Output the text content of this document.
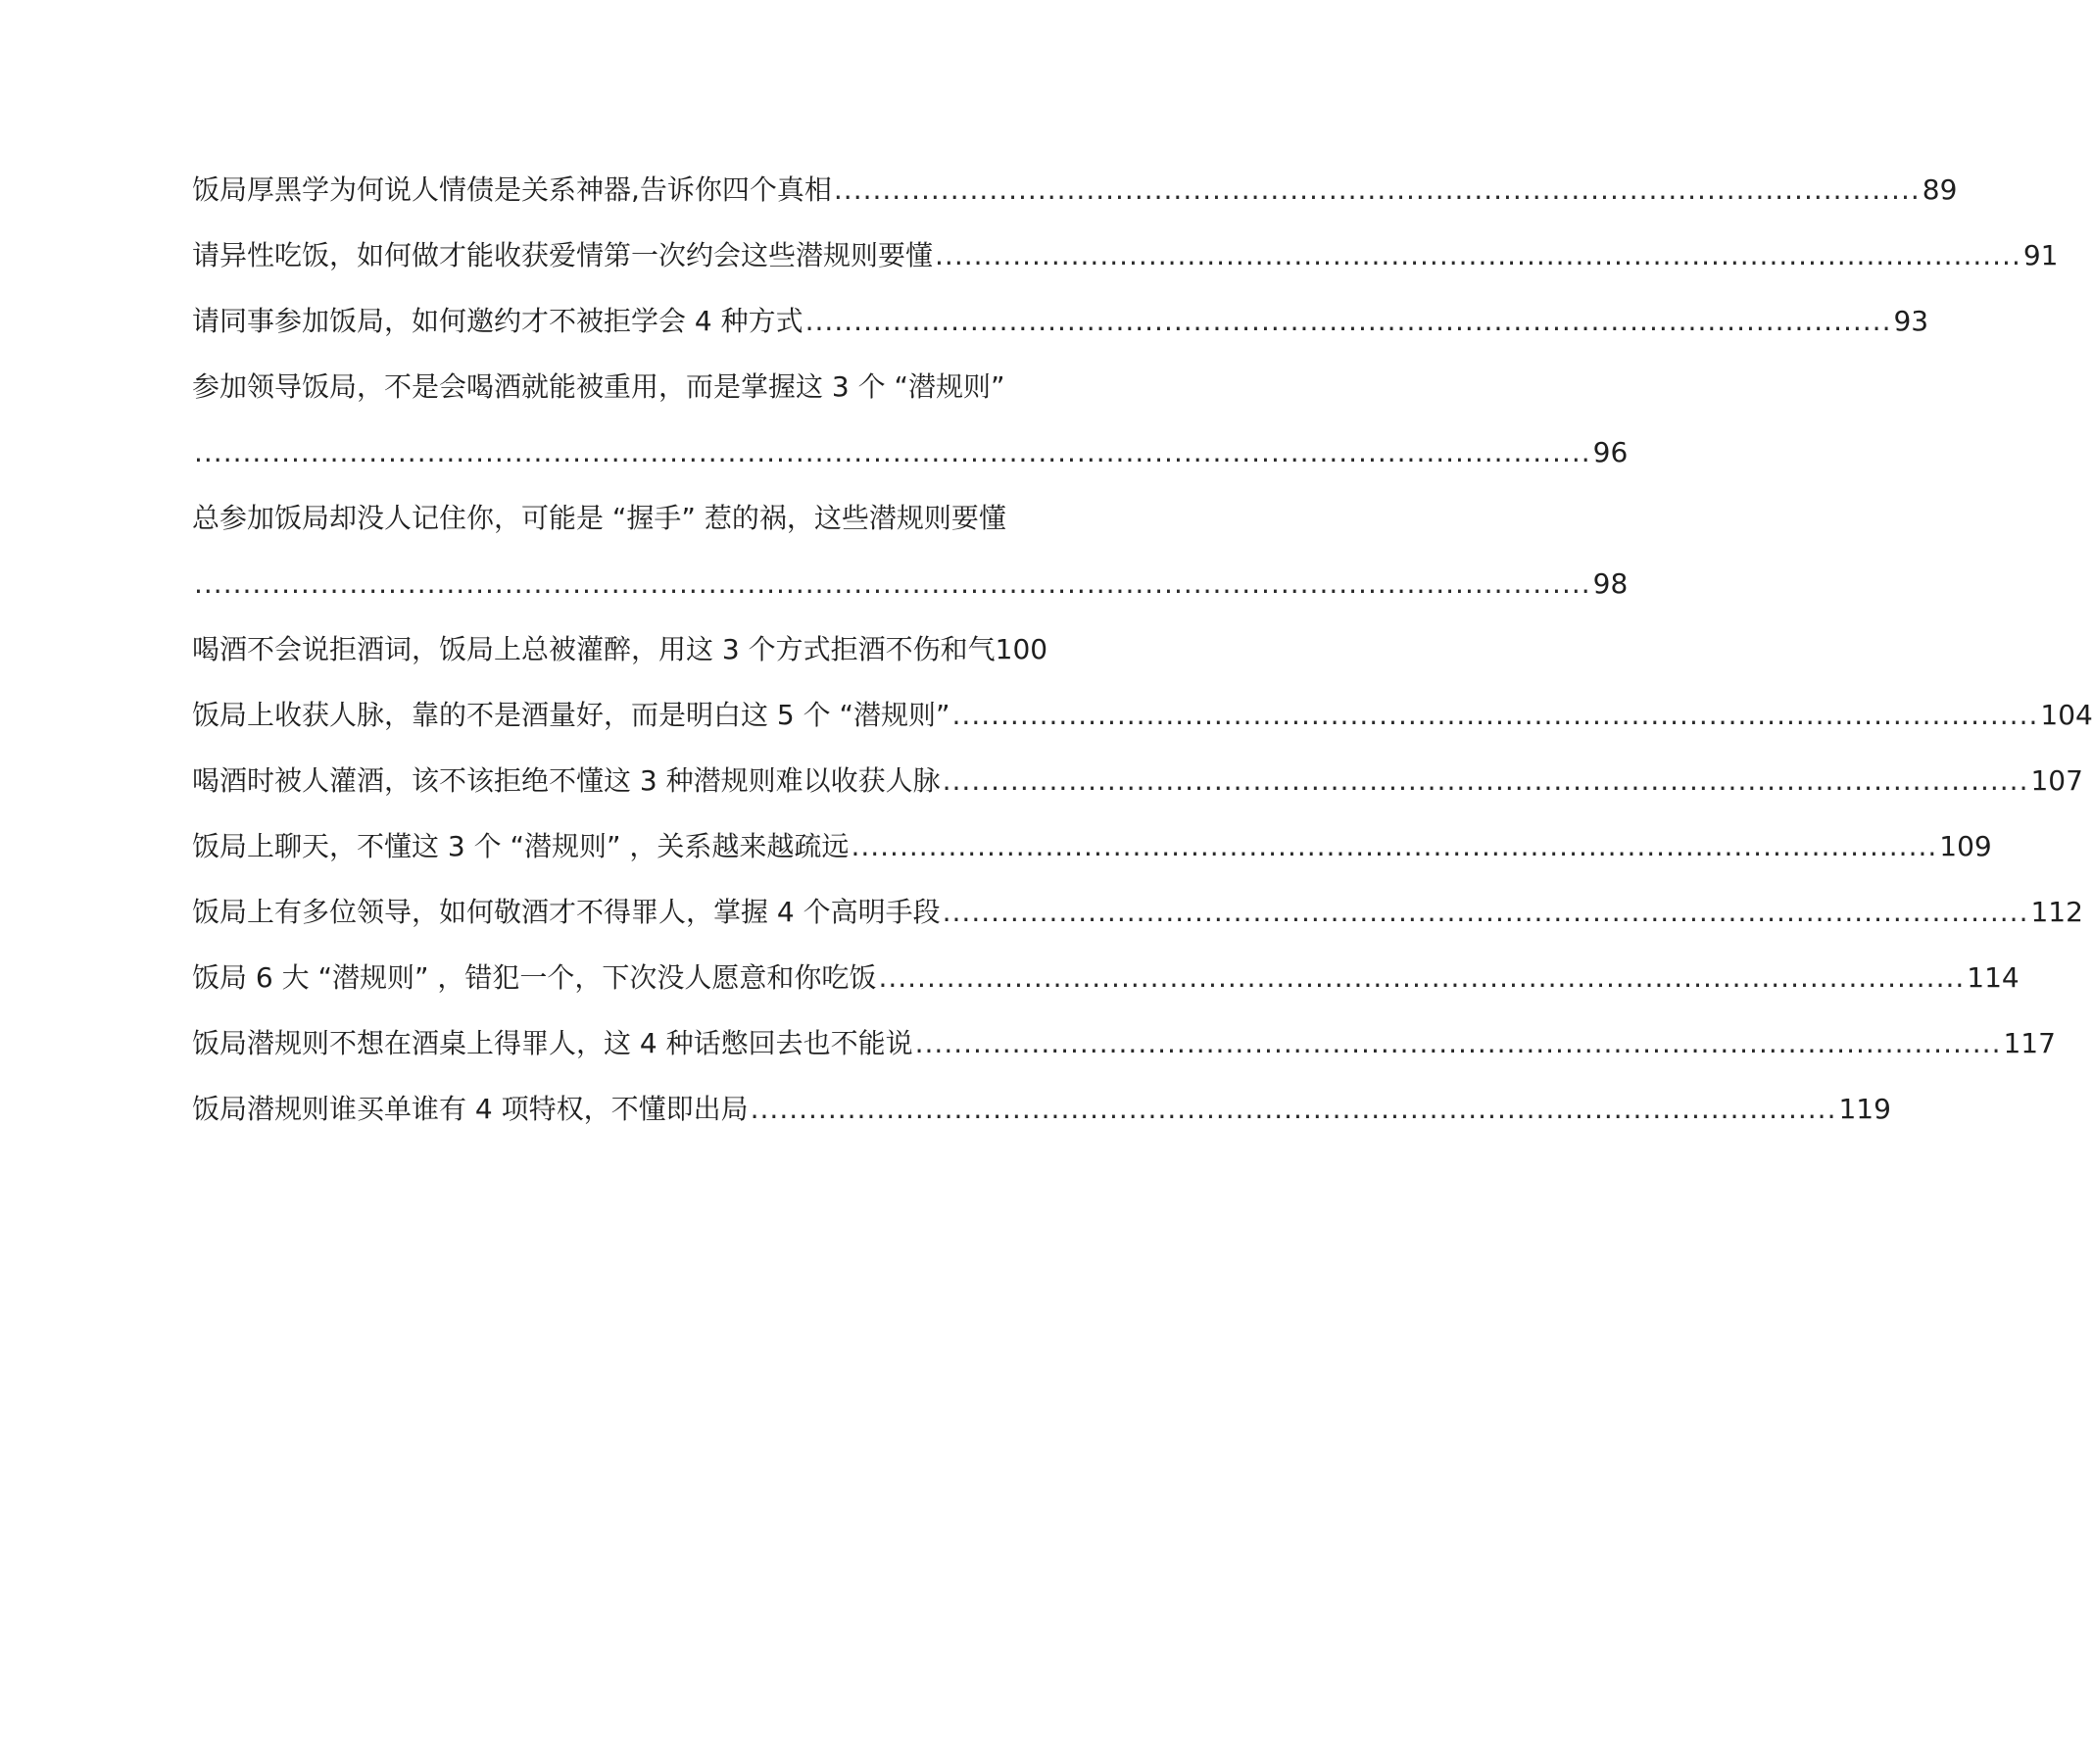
饭局厚黑学为何说人情债是关系神器,告诉你四个真相 ................................................................................................................ 89
请异性吃饭，如何做才能收获爱情第一次约会这些潜规则要懂 ................................................................................................................ 91
请同事参加饭局，如何邀约才不被拒学会 4 种方式 ................................................................................................................ 93
参加领导饭局，不是会喝酒就能被重用，而是掌握这 3 个 “潜规则”
................................................................................................................................................ 96
总参加饭局却没人记住你，可能是 “握手” 惹的祸，这些潜规则要懂
................................................................................................................................................ 98
喝酒不会说拒酒词，饭局上总被灌醉，用这 3 个方式拒酒不伤和气 100
饭局上收获人脉，靠的不是酒量好，而是明白这 5 个 “潜规则” ................................................................................................................ 104
喝酒时被人灌酒，该不该拒绝不懂这 3 种潜规则难以收获人脉 ................................................................................................................ 107
饭局上聊天，不懂这 3 个 “潜规则” ，关系越来越疏远 ................................................................................................................ 109
饭局上有多位领导，如何敬酒才不得罪人，掌握 4 个高明手段 ................................................................................................................ 112
饭局 6 大 “潜规则” ，错犯一个，下次没人愿意和你吃饭 ................................................................................................................ 114
饭局潜规则不想在酒桌上得罪人，这 4 种话憋回去也不能说 ................................................................................................................ 117
饭局潜规则谁买单谁有 4 项特权，不懂即出局 ................................................................................................................ 119
